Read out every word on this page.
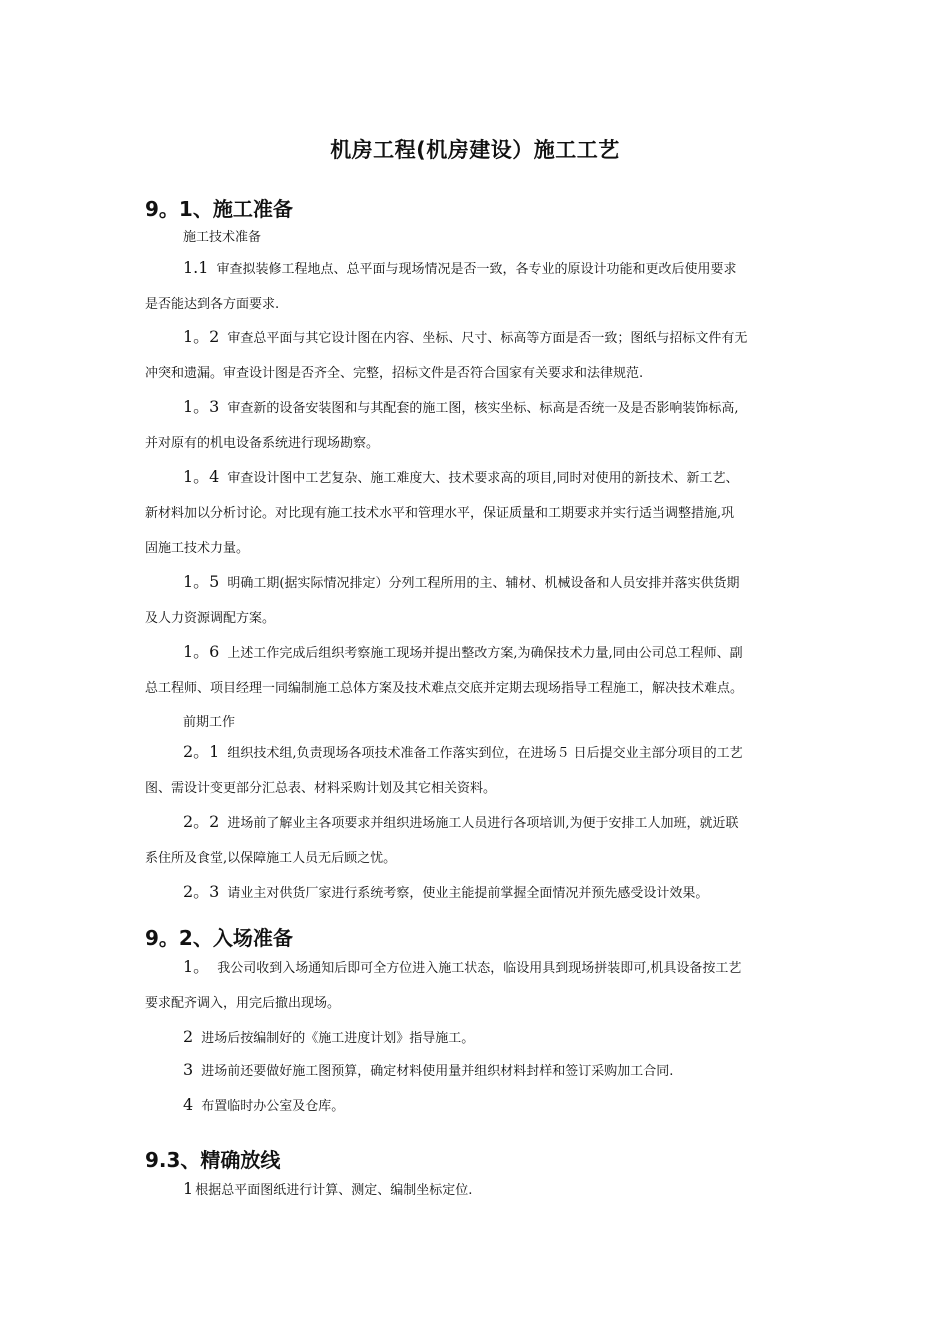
机房工程(机房建设）施工工艺
9。1、施工准备
施工技术准备
1.1 审查拟装修工程地点、总平面与现场情况是否一致，各专业的原设计功能和更改后使用要求
是否能达到各方面要求.
1。2 审查总平面与其它设计图在内容、坐标、尺寸、标高等方面是否一致；图纸与招标文件有无
冲突和遗漏。审查设计图是否齐全、完整，招标文件是否符合国家有关要求和法律规范.
1。3 审查新的设备安装图和与其配套的施工图，核实坐标、标高是否统一及是否影响装饰标高,
并对原有的机电设备系统进行现场勘察。
1。4 审查设计图中工艺复杂、施工难度大、技术要求高的项目,同时对使用的新技术、新工艺、
新材料加以分析讨论。对比现有施工技术水平和管理水平，保证质量和工期要求并实行适当调整措施,巩
固施工技术力量。
1。5 明确工期(据实际情况排定）分列工程所用的主、辅材、机械设备和人员安排并落实供货期
及人力资源调配方案。
1。6 上述工作完成后组织考察施工现场并提出整改方案,为确保技术力量,同由公司总工程师、副
总工程师、项目经理一同编制施工总体方案及技术难点交底并定期去现场指导工程施工，解决技术难点。
前期工作
2。1 组织技术组,负责现场各项技术准备工作落实到位，在进场５ 日后提交业主部分项目的工艺
图、需设计变更部分汇总表、材料采购计划及其它相关资料。
2。2 进场前了解业主各项要求并组织进场施工人员进行各项培训,为便于安排工人加班，就近联
系住所及食堂,以保障施工人员无后顾之忧。
2。3 请业主对供货厂家进行系统考察，使业主能提前掌握全面情况并预先感受设计效果。
9。2、入场准备
1。 我公司收到入场通知后即可全方位进入施工状态，临设用具到现场拼装即可,机具设备按工艺
要求配齐调入，用完后撤出现场。
2 进场后按编制好的《施工进度计划》指导施工。
3 进场前还要做好施工图预算，确定材料使用量并组织材料封样和签订采购加工合同.
4 布置临时办公室及仓库。
9.3、精确放线
1 根据总平面图纸进行计算、测定、编制坐标定位.
